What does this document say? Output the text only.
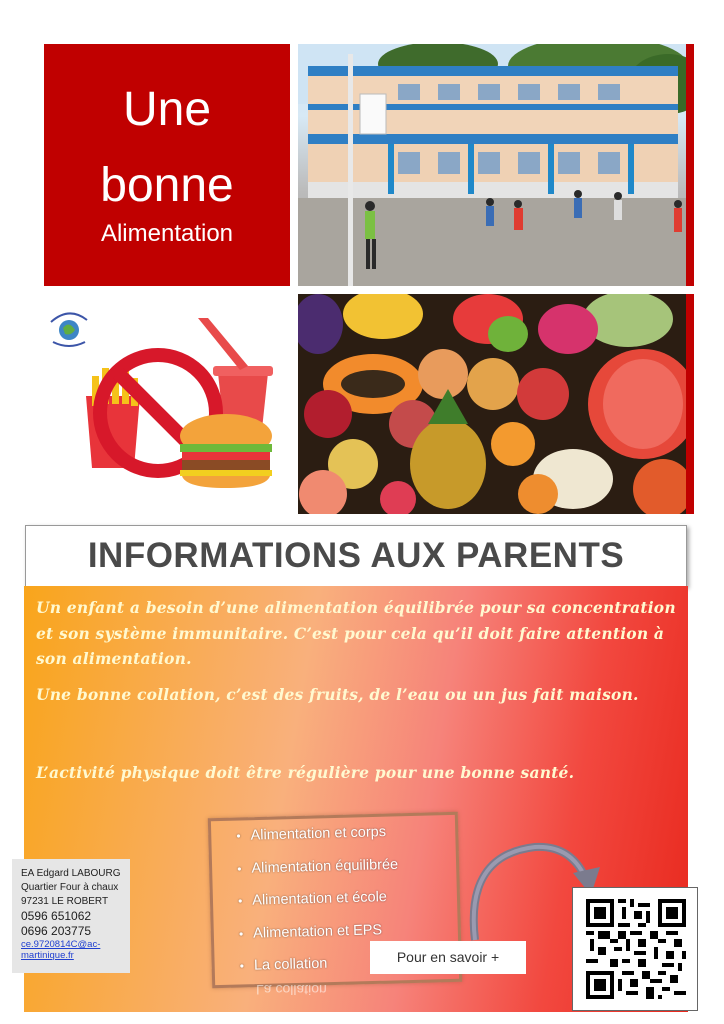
Une
bonne
Alimentation
INFORMATIONS AUX PARENTS

Un enfant a besoin d’une alimentation équilibrée pour sa concentration et son système immunitaire. C’est pour cela qu’il doit faire attention à son alimentation.

Une bonne collation, c’est des fruits, de l’eau ou un jus fait maison.

L’activité physique doit être régulière pour une bonne santé.

• Alimentation et corps
• Alimentation équilibrée
• Alimentation et école
• Alimentation et EPS
• La collation
La collation
EA Edgard LABOURG
Quartier Four à chaux
97231 LE ROBERT
0596 651062
0696 203775
ce.9720814C@ac-martinique.fr	Pour en savoir +
